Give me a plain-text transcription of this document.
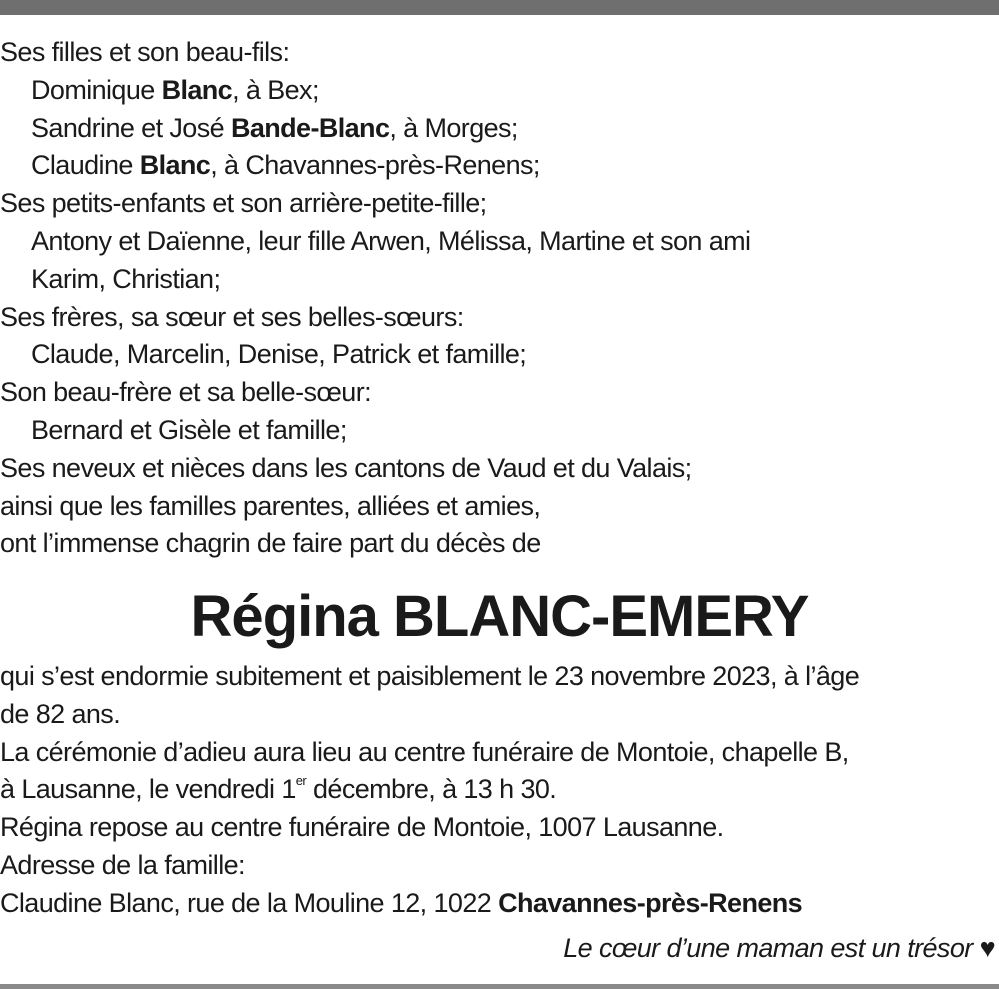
Ses filles et son beau-fils:
Dominique Blanc, à Bex;
Sandrine et José Bande-Blanc, à Morges;
Claudine Blanc, à Chavannes-près-Renens;
Ses petits-enfants et son arrière-petite-fille;
Antony et Daïenne, leur fille Arwen, Mélissa, Martine et son ami
Karim, Christian;
Ses frères, sa sœur et ses belles-sœurs:
Claude, Marcelin, Denise, Patrick et famille;
Son beau-frère et sa belle-sœur:
Bernard et Gisèle et famille;
Ses neveux et nièces dans les cantons de Vaud et du Valais;
ainsi que les familles parentes, alliées et amies,
ont l’immense chagrin de faire part du décès de
Régina BLANC-EMERY
qui s’est endormie subitement et paisiblement le 23 novembre 2023, à l’âge
de 82 ans.
La cérémonie d’adieu aura lieu au centre funéraire de Montoie, chapelle B,
à Lausanne, le vendredi 1er décembre, à 13 h 30.
Régina repose au centre funéraire de Montoie, 1007 Lausanne.
Adresse de la famille:
Claudine Blanc, rue de la Mouline 12, 1022 Chavannes-près-Renens
Le cœur d’une maman est un trésor ♥
